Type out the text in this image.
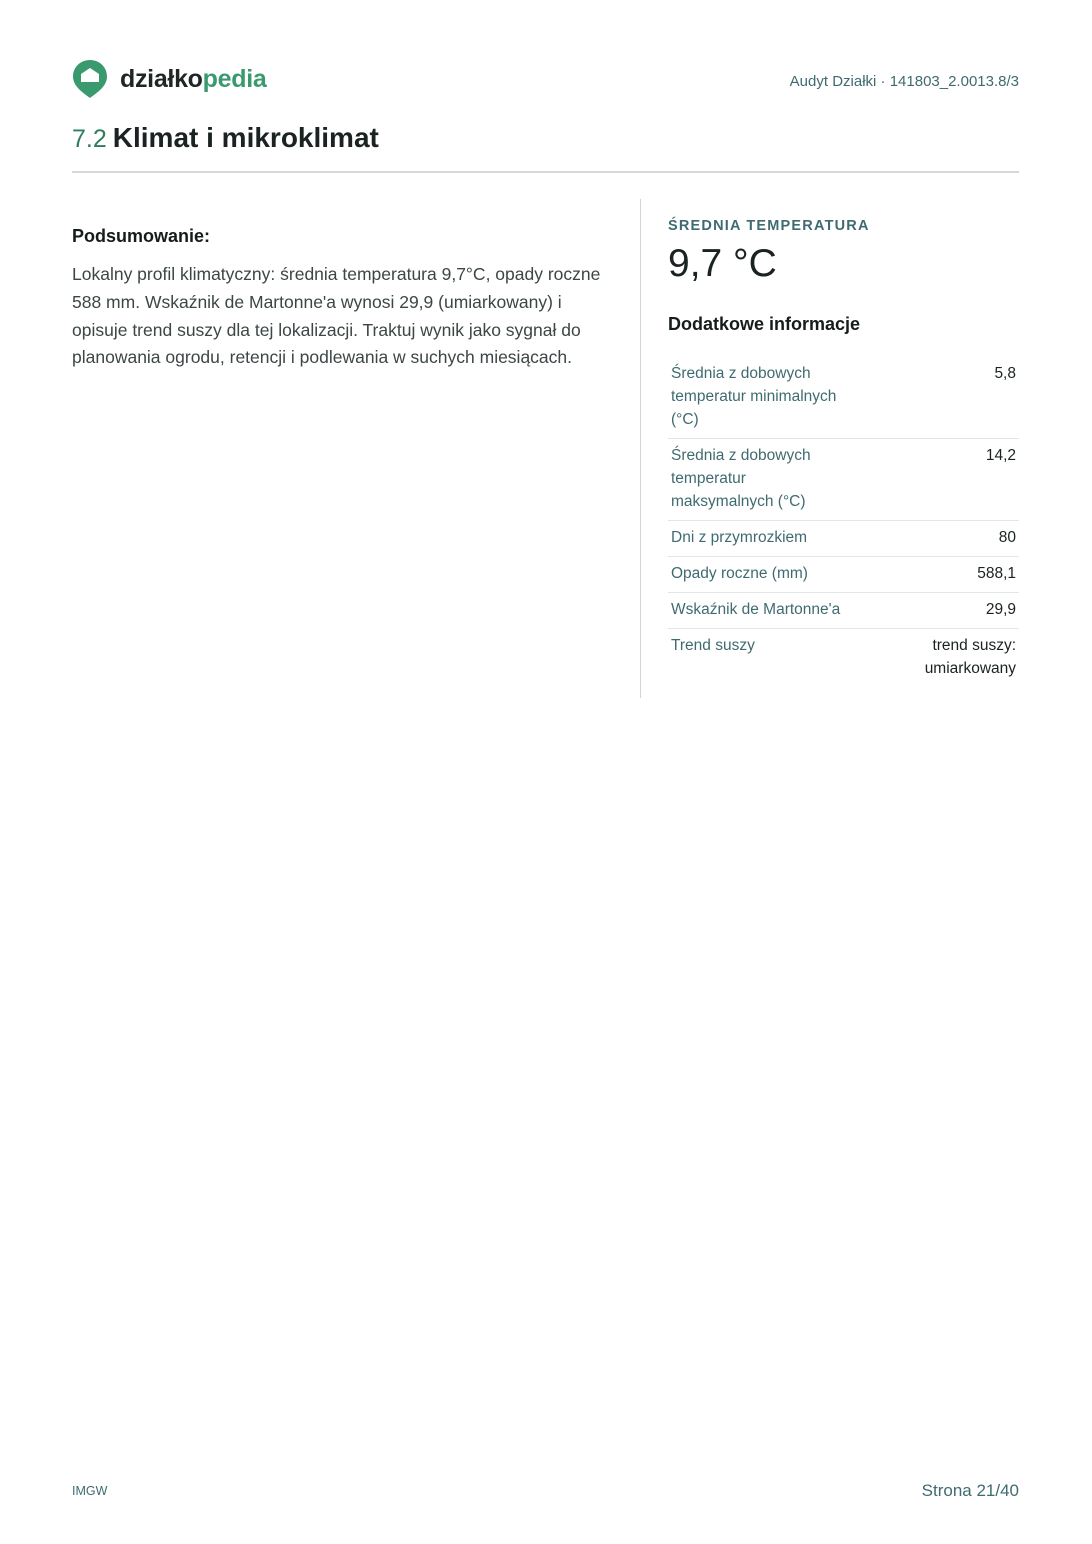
działkopedia	Audyt Działki · 141803_2.0013.8/3
7.2 Klimat i mikroklimat

Podsumowanie:

Lokalny profil klimatyczny: średnia temperatura 9,7°C, opady roczne 588 mm. Wskaźnik de Martonne'a wynosi 29,9 (umiarkowany) i opisuje trend suszy dla tej lokalizacji. Traktuj wynik jako sygnał do planowania ogrodu, retencji i podlewania w suchych miesiącach.

ŚREDNIA TEMPERATURA
9,7 °C
Dodatkowe informacje
Średnia z dobowych temperatur minimalnych (°C)	5,8
Średnia z dobowych temperatur maksymalnych (°C)	14,2
Dni z przymrozkiem	80
Opady roczne (mm)	588,1
Wskaźnik de Martonne'a	29,9
Trend suszy	trend suszy: umiarkowany
IMGW	Strona 21/40
